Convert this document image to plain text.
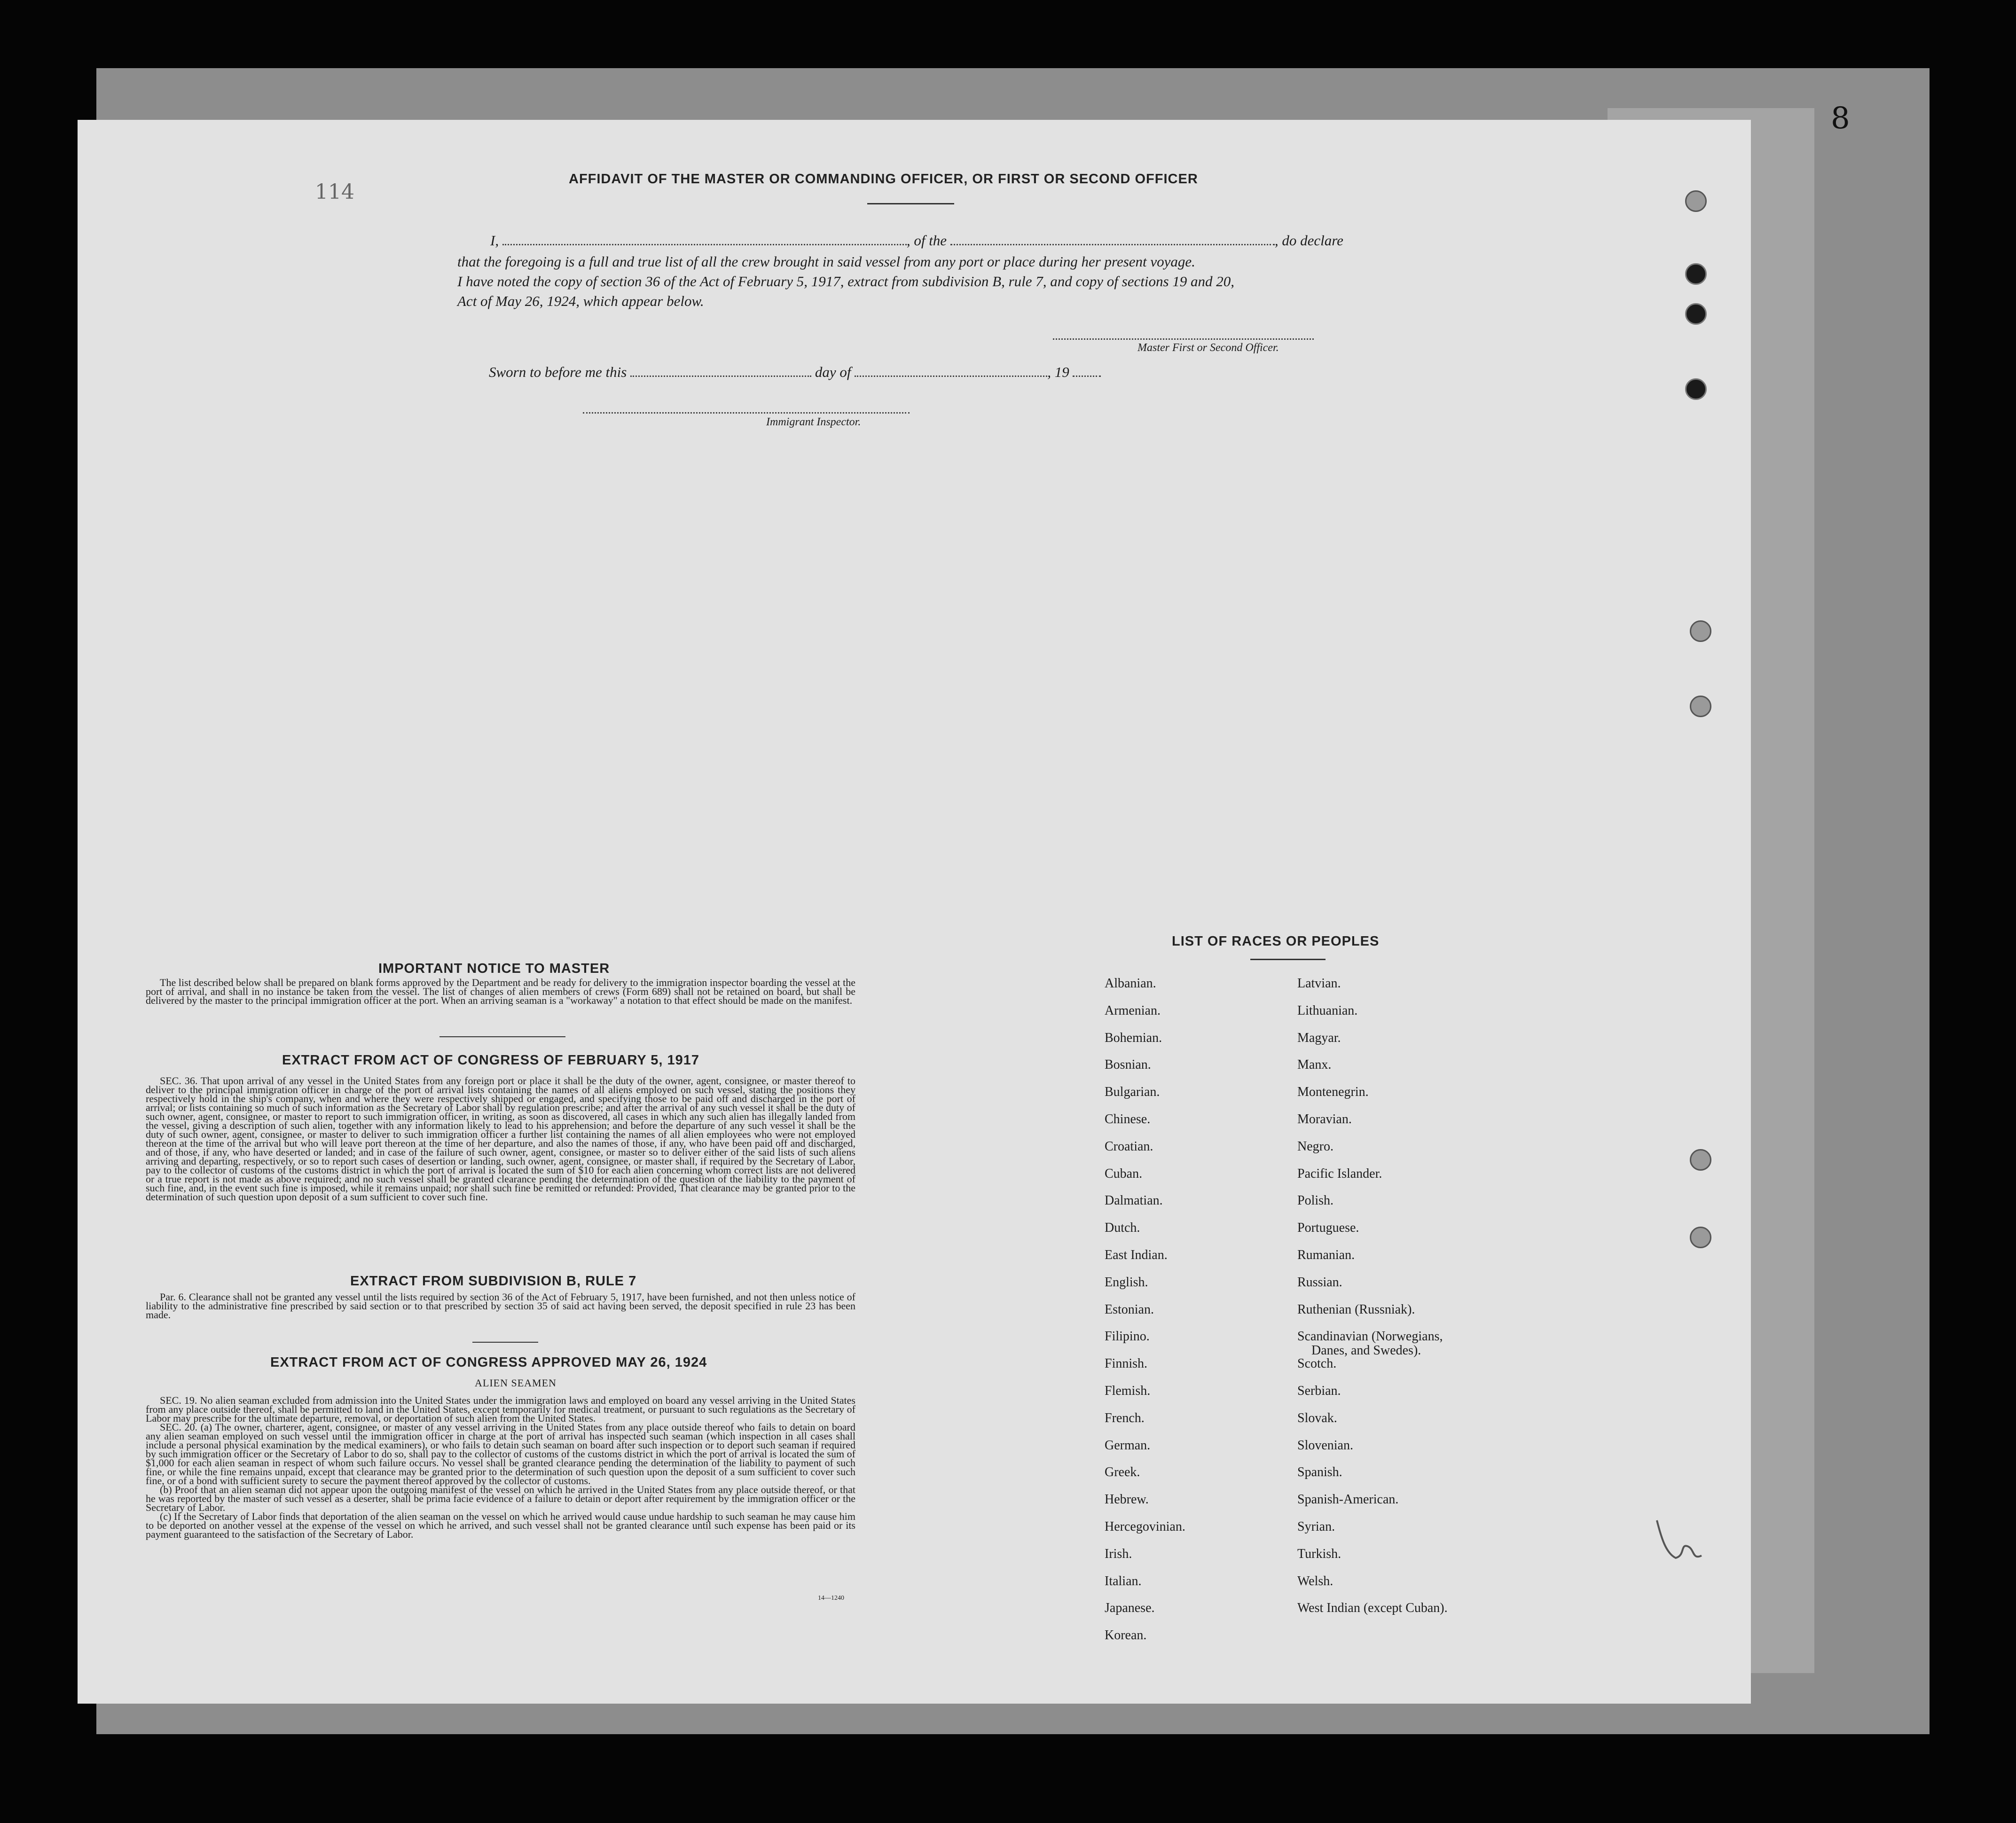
8
AFFIDAVIT OF THE MASTER OR COMMANDING OFFICER, OR FIRST OR SECOND OFFICER
I,	, of the	, do declare
that the foregoing is a full and true list of all the crew brought in said vessel from any port or place during her present voyage.
I have noted the copy of section 36 of the Act of February 5, 1917, extract from subdivision B, rule 7, and copy of sections 19 and 20,
Act of May 26, 1924, which appear below.
Master First or Second Officer.
Sworn to before me this	day of	, 19
Immigrant Inspector.
114
IMPORTANT NOTICE TO MASTER
The list described below shall be prepared on blank forms approved by the Department and be ready for delivery to the immigration inspector boarding the vessel at the port of arrival, and shall in no instance be taken from the vessel. The list of changes of alien members of crews (Form 689) shall not be retained on board, but shall be delivered by the master to the principal immigration officer at the port. When an arriving seaman is a "workaway" a notation to that effect should be made on the manifest.
EXTRACT FROM ACT OF CONGRESS OF FEBRUARY 5, 1917
SEC. 36. That upon arrival of any vessel in the United States from any foreign port or place it shall be the duty of the owner, agent, consignee, or master thereof to deliver to the principal immigration officer in charge of the port of arrival lists containing the names of all aliens employed on such vessel, stating the positions they respectively hold in the ship's company, when and where they were respectively shipped or engaged, and specifying those to be paid off and discharged in the port of arrival; or lists containing so much of such information as the Secretary of Labor shall by regulation prescribe; and after the arrival of any such vessel it shall be the duty of such owner, agent, consignee, or master to report to such immigration officer, in writing, as soon as discovered, all cases in which any such alien has illegally landed from the vessel, giving a description of such alien, together with any information likely to lead to his apprehension; and before the departure of any such vessel it shall be the duty of such owner, agent, consignee, or master to deliver to such immigration officer a further list containing the names of all alien employees who were not employed thereon at the time of the arrival but who will leave port thereon at the time of her departure, and also the names of those, if any, who have been paid off and discharged, and of those, if any, who have deserted or landed; and in case of the failure of such owner, agent, consignee, or master so to deliver either of the said lists of such aliens arriving and departing, respectively, or so to report such cases of desertion or landing, such owner, agent, consignee, or master shall, if required by the Secretary of Labor, pay to the collector of customs of the customs district in which the port of arrival is located the sum of $10 for each alien concerning whom correct lists are not delivered or a true report is not made as above required; and no such vessel shall be granted clearance pending the determination of the question of the liability to the payment of such fine, and, in the event such fine is imposed, while it remains unpaid; nor shall such fine be remitted or refunded: Provided, That clearance may be granted prior to the determination of such question upon deposit of a sum sufficient to cover such fine.
EXTRACT FROM SUBDIVISION B, RULE 7
Par. 6. Clearance shall not be granted any vessel until the lists required by section 36 of the Act of February 5, 1917, have been furnished, and not then unless notice of liability to the administrative fine prescribed by said section or to that prescribed by section 35 of said act having been served, the deposit specified in rule 23 has been made.
EXTRACT FROM ACT OF CONGRESS APPROVED MAY 26, 1924
ALIEN SEAMEN

SEC. 19. No alien seaman excluded from admission into the United States under the immigration laws and employed on board any vessel arriving in the United States from any place outside thereof, shall be permitted to land in the United States, except temporarily for medical treatment, or pursuant to such regulations as the Secretary of Labor may prescribe for the ultimate departure, removal, or deportation of such alien from the United States.

SEC. 20. (a) The owner, charterer, agent, consignee, or master of any vessel arriving in the United States from any place outside thereof who fails to detain on board any alien seaman employed on such vessel until the immigration officer in charge at the port of arrival has inspected such seaman (which inspection in all cases shall include a personal physical examination by the medical examiners), or who fails to detain such seaman on board after such inspection or to deport such seaman if required by such immigration officer or the Secretary of Labor to do so, shall pay to the collector of customs of the customs district in which the port of arrival is located the sum of $1,000 for each alien seaman in respect of whom such failure occurs. No vessel shall be granted clearance pending the determination of the liability to payment of such fine, or while the fine remains unpaid, except that clearance may be granted prior to the determination of such question upon the deposit of a sum sufficient to cover such fine, or of a bond with sufficient surety to secure the payment thereof approved by the collector of customs.

(b) Proof that an alien seaman did not appear upon the outgoing manifest of the vessel on which he arrived in the United States from any place outside thereof, or that he was reported by the master of such vessel as a deserter, shall be prima facie evidence of a failure to detain or deport after requirement by the immigration officer or the Secretary of Labor.

(c) If the Secretary of Labor finds that deportation of the alien seaman on the vessel on which he arrived would cause undue hardship to such seaman he may cause him to be deported on another vessel at the expense of the vessel on which he arrived, and such vessel shall not be granted clearance until such expense has been paid or its payment guaranteed to the satisfaction of the Secretary of Labor.

14—1240
LIST OF RACES OR PEOPLES
Albanian.
Armenian.
Bohemian.
Bosnian.
Bulgarian.
Chinese.
Croatian.
Cuban.
Dalmatian.
Dutch.
East Indian.
English.
Estonian.
Filipino.
Finnish.
Flemish.
French.
German.
Greek.
Hebrew.
Hercegovinian.
Irish.
Italian.
Japanese.
Korean.
Latvian.
Lithuanian.
Magyar.
Manx.
Montenegrin.
Moravian.
Negro.
Pacific Islander.
Polish.
Portuguese.
Rumanian.
Russian.
Ruthenian (Russniak).
Scandinavian (Norwegians,
Danes, and Swedes).
Scotch.
Serbian.
Slovak.
Slovenian.
Spanish.
Spanish-American.
Syrian.
Turkish.
Welsh.
West Indian (except Cuban).
